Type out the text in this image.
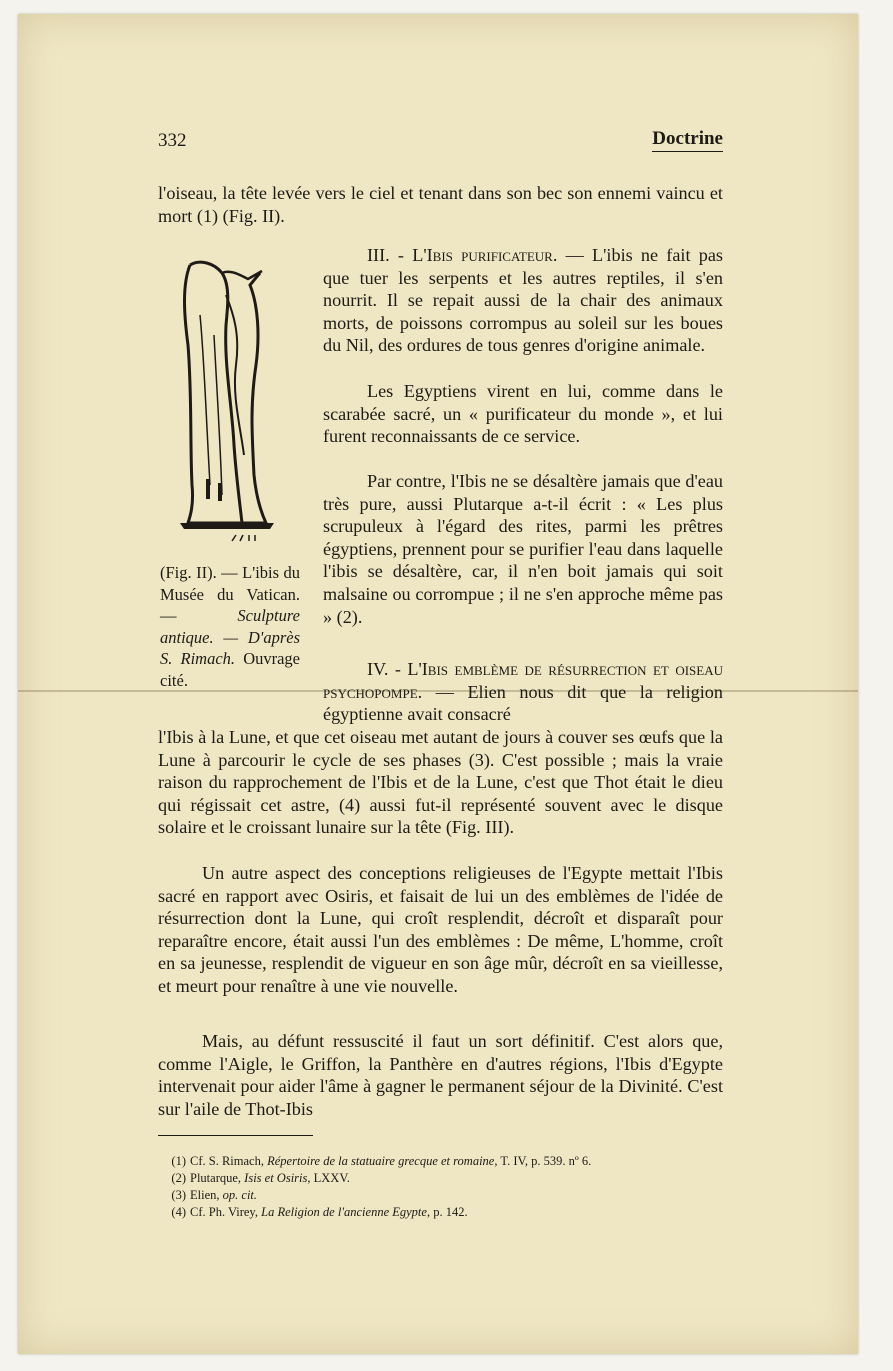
332	Doctrine

l'oiseau, la tête levée vers le ciel et tenant dans son bec son ennemi vaincu et mort (1) (Fig. II).

(Fig. II). — L'ibis du Musée du Vatican. —	Sculpture antique. — D'après S. Rimach. Ouvrage cité.

III. - L'Ibis purificateur. — L'ibis ne fait pas que tuer les serpents et les autres reptiles, il s'en nourrit. Il se repait aussi de la chair des animaux morts, de poissons corrompus au soleil sur les boues du Nil, des ordures de tous genres d'origine animale.

Les Egyptiens virent en lui, comme dans le scarabée sacré, un « purificateur du monde », et lui furent reconnaissants de ce service.

Par contre, l'Ibis ne se désaltère jamais que d'eau très pure, aussi Plutarque a-t-il écrit : « Les plus scrupuleux à l'égard des rites, parmi les prêtres égyptiens, prennent pour se purifier l'eau dans laquelle l'ibis se désaltère, car, il n'en boit jamais qui soit malsaine ou corrompue ; il ne s'en approche même pas » (2).

IV. - L'Ibis emblème de résurrection et oiseau psychopompe. — Elien nous dit que la religion égyptienne avait consacré

l'Ibis à la Lune, et que cet oiseau met autant de jours à couver ses œufs que la Lune à parcourir le cycle de ses phases (3). C'est possible ; mais la vraie raison du rapprochement de l'Ibis et de la Lune, c'est que Thot était le dieu qui régissait cet astre, (4) aussi fut-il représenté souvent avec le disque solaire et le croissant lunaire sur la tête (Fig. III).

Un autre aspect des conceptions religieuses de l'Egypte mettait l'Ibis sacré en rapport avec Osiris, et faisait de lui un des emblèmes de l'idée de résurrection dont la Lune, qui croît resplendit, décroît et disparaît pour reparaître encore, était aussi l'un des emblèmes : De même, L'homme, croît en sa jeunesse, resplendit de vigueur en son âge mûr, décroît en sa vieillesse, et meurt pour renaître à une vie nouvelle.

Mais, au défunt ressuscité il faut un sort définitif. C'est alors que, comme l'Aigle, le Griffon, la Panthère en d'autres régions, l'Ibis d'Egypte intervenait pour aider l'âme à gagner le permanent séjour de la Divinité. C'est sur l'aile de Thot-Ibis

(1) Cf. S. Rimach, Répertoire de la statuaire grecque et romaine, T. IV, p. 539. nº 6.
(2) Plutarque, Isis et Osiris, LXXV.
(3) Elien, op. cit.
(4) Cf. Ph. Virey, La Religion de l'ancienne Egypte, p. 142.
